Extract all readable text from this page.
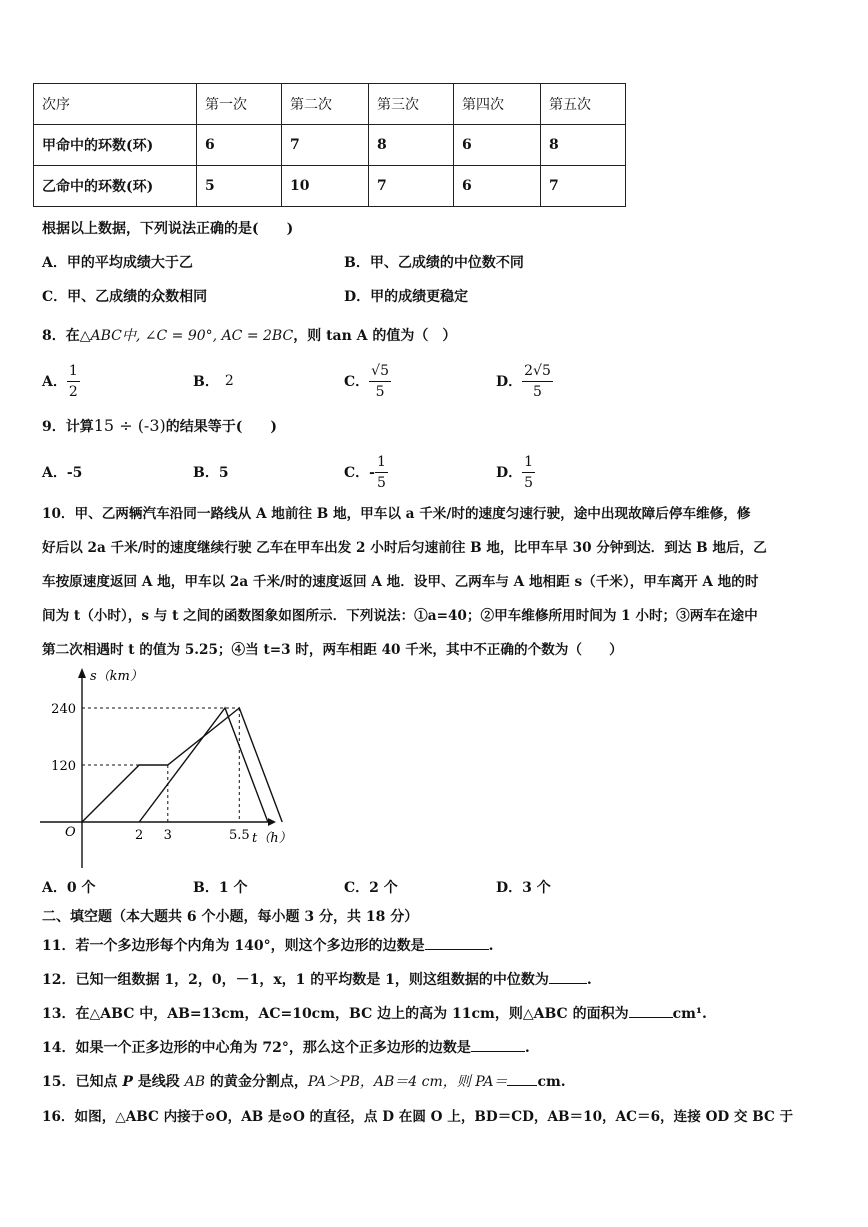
次序	第一次	第二次	第三次	第四次	第五次
甲命中的环数(环)	6	7	8	6	8
乙命中的环数(环)	5	10	7	6	7
根据以上数据，下列说法正确的是(　　)
A．甲的平均成绩大于乙	B．甲、乙成绩的中位数不同
C．甲、乙成绩的众数相同	D．甲的成绩更稳定
8．在△ABC中, ∠C = 90°, AC = 2BC，则 tan A 的值为（　）
A． $\frac{1}{2}$	B． 2	C． $\frac{√5}{5}$	D． $\frac{2√5}{5}$
9．计算15 ÷ (-3)的结果等于(　　)
A．-5	B．5	C．- $\frac{1}{5}$	D． $\frac{1}{5}$
10．甲、乙两辆汽车沿同一路线从 A 地前往 B 地，甲车以 a 千米/时的速度匀速行驶，途中出现故障后停车维修，修
好后以 2a 千米/时的速度继续行驶 乙车在甲车出发 2 小时后匀速前往 B 地，比甲车早 30 分钟到达．到达 B 地后，乙
车按原速度返回 A 地，甲车以 2a 千米/时的速度返回 A 地．设甲、乙两车与 A 地相距 s（千米），甲车离开 A 地的时
间为 t（小时），s 与 t 之间的函数图象如图所示．下列说法：①a=40；②甲车维修所用时间为 1 小时；③两车在途中
第二次相遇时 t 的值为 5.25；④当 t=3 时，两车相距 40 千米，其中不正确的个数为（　　）
2 3	5.5
240
120
O
s（km）
t（h）
A．0 个	B．1 个	C．2 个	D．3 个
二、填空题（本大题共 6 个小题，每小题 3 分，共 18 分）
11．若一个多边形每个内角为 140°，则这个多边形的边数是	.
12．已知一组数据 1，2，0，－1，x，1 的平均数是 1，则这组数据的中位数为	.
13．在△ABC 中，AB=13cm，AC=10cm，BC 边上的高为 11cm，则△ABC 的面积为	cm¹.
14．如果一个正多边形的中心角为 72°，那么这个正多边形的边数是	.
15．已知点 P 是线段 AB 的黄金分割点，PA＞PB，AB＝4 cm，则 PA＝ cm.
16．如图，△ABC 内接于⊙O，AB 是⊙O 的直径，点 D 在圆 O 上，BD＝CD，AB＝10，AC＝6，连接 OD 交 BC 于
